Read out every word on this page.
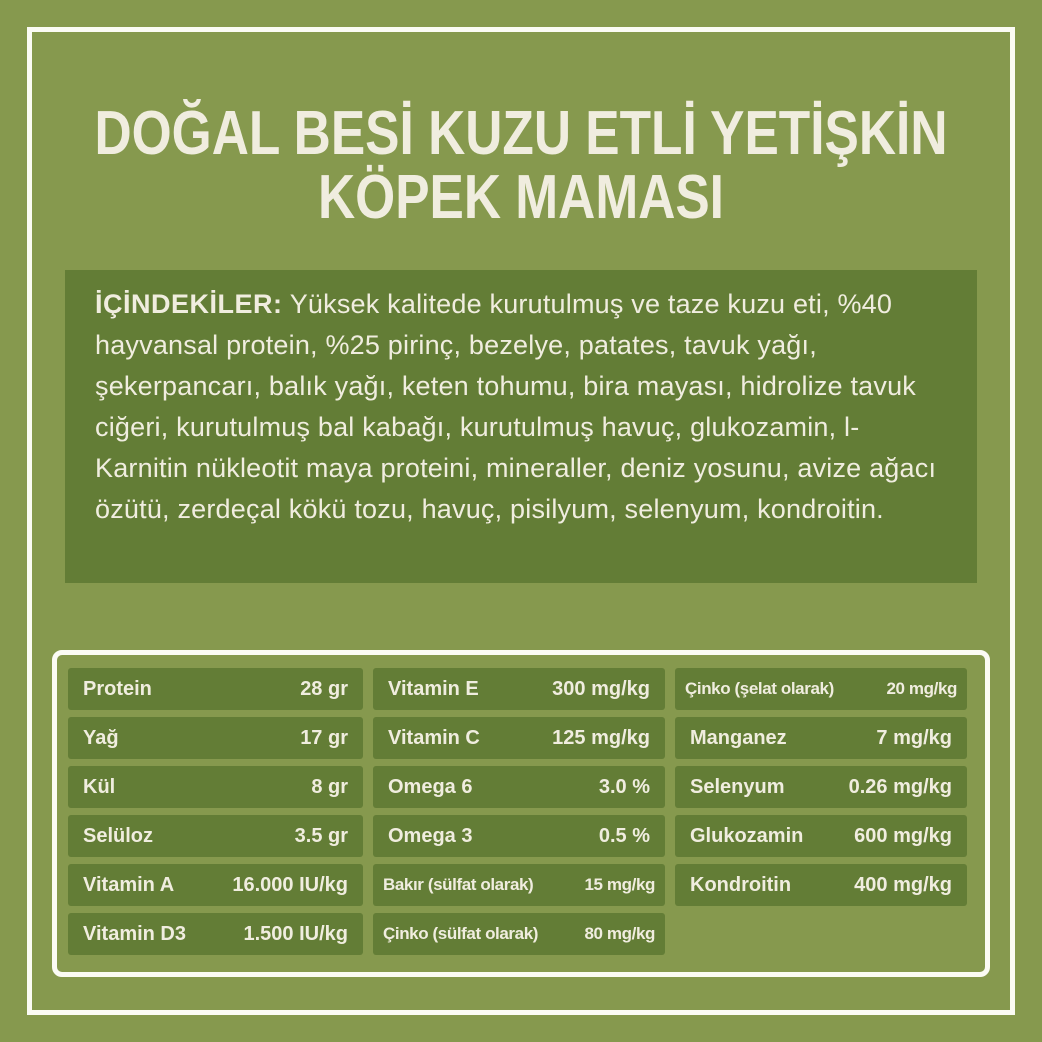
DOĞAL BESİ KUZU ETLİ YETİŞKİN
KÖPEK MAMASI

İÇİNDEKİLER: Yüksek kalitede kurutulmuş ve taze kuzu eti, %40 hayvansal protein, %25 pirinç, bezelye, patates, tavuk yağı, şekerpancarı, balık yağı, keten tohumu, bira mayası, hidrolize tavuk ciğeri, kurutulmuş bal kabağı, kurutulmuş havuç, glukozamin, l-Karnitin nükleotit maya proteini, mineraller, deniz yosunu, avize ağacı özütü, zerdeçal kökü tozu, havuç, pisilyum, selenyum, kondroitin.

Protein	28 gr
Yağ	17 gr
Kül	8 gr
Selüloz	3.5 gr
Vitamin A	16.000 IU/kg
Vitamin D3	1.500 IU/kg
Vitamin E	300 mg/kg
Vitamin C	125 mg/kg
Omega 6	3.0 %
Omega 3	0.5 %
Bakır (sülfat olarak)	15 mg/kg
Çinko (sülfat olarak)	80 mg/kg
Çinko (şelat olarak)	20 mg/kg
Manganez	7 mg/kg
Selenyum	0.26 mg/kg
Glukozamin	600 mg/kg
Kondroitin	400 mg/kg
